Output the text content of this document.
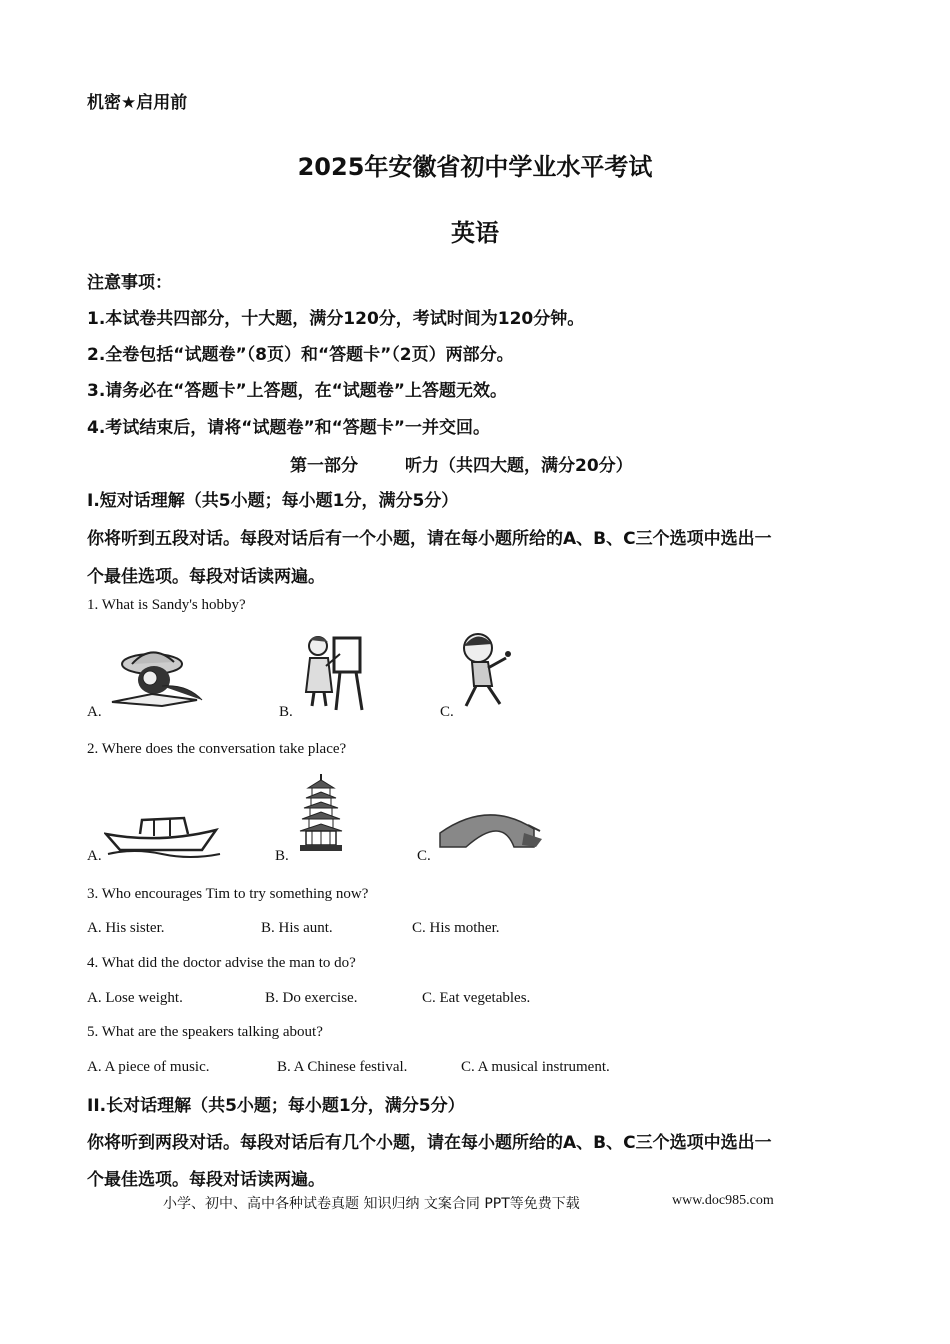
机密★启用前
2025年安徽省初中学业水平考试
英语
注意事项：
1.本试卷共四部分，十大题，满分120分，考试时间为120分钟。
2.全卷包括“试题卷”（8页）和“答题卡”（2页）两部分。
3.请务必在“答题卡”上答题，在“试题卷”上答题无效。
4.考试结束后，请将“试题卷”和“答题卡”一并交回。
第一部分	听力（共四大题，满分20分）
I.短对话理解（共5小题；每小题1分，满分5分）
你将听到五段对话。每段对话后有一个小题，请在每小题所给的A、B、C三个选项中选出一
个最佳选项。每段对话读两遍。
1. What is Sandy's hobby?
A.	B.	C.
2. Where does the conversation take place?
A.	B.	C.
3. Who encourages Tim to try something now?
A. His sister.	B. His aunt.	C. His mother.
4. What did the doctor advise the man to do?
A. Lose weight.	B. Do exercise.	C. Eat vegetables.
5. What are the speakers talking about?
A. A piece of music.	B. A Chinese festival.	C. A musical instrument.
II.长对话理解（共5小题；每小题1分，满分5分）
你将听到两段对话。每段对话后有几个小题，请在每小题所给的A、B、C三个选项中选出一
个最佳选项。每段对话读两遍。
小学、初中、高中各种试卷真题 知识归纳 文案合同 PPT等免费下载	www.doc985.com
